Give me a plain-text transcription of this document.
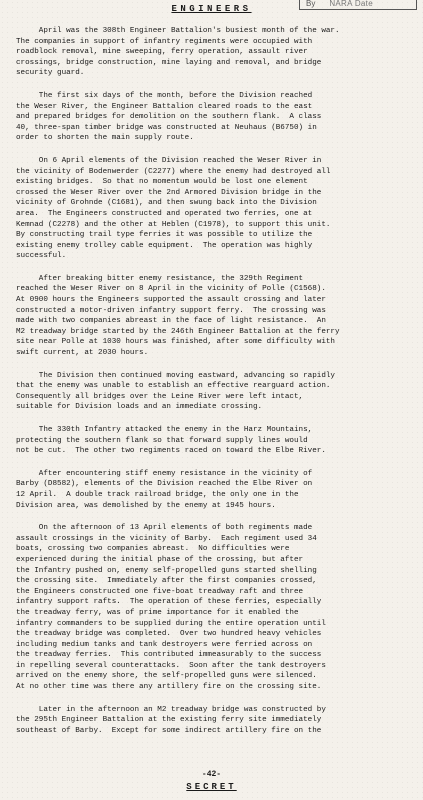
By NARA Date
ENGINEERS
April was the 308th Engineer Battalion's busiest month of the war.
The companies in support of infantry regiments were occupied with
roadblock removal, mine sweeping, ferry operation, assault river
crossings, bridge construction, mine laying and removal, and bridge
security guard.
The first six days of the month, before the Division reached
the Weser River, the Engineer Battalion cleared roads to the east
and prepared bridges for demolition on the southern flank.  A class
40, three-span timber bridge was constructed at Neuhaus (B6750) in
order to shorten the main supply route.
On 6 April elements of the Division reached the Weser River in
the vicinity of Bodenwerder (C2277) where the enemy had destroyed all
existing bridges.  So that no momentum would be lost one element
crossed the Weser River over the 2nd Armored Division bridge in the
vicinity of Grohnde (C1681), and then swung back into the Division
area.  The Engineers constructed and operated two ferries, one at
Kemnad (C2278) and the other at Heblen (C1978), to support this unit.
By constructing trail type ferries it was possible to utilize the
existing enemy trolley cable equipment.  The operation was highly
successful.
After breaking bitter enemy resistance, the 329th Regiment
reached the Weser River on 8 April in the vicinity of Polle (C1568).
At 0900 hours the Engineers supported the assault crossing and later
constructed a motor-driven infantry support ferry.  The crossing was
made with two companies abreast in the face of light resistance.  An
M2 treadway bridge started by the 246th Engineer Battalion at the ferry
site near Polle at 1030 hours was finished, after some difficulty with
swift current, at 2030 hours.
The Division then continued moving eastward, advancing so rapidly
that the enemy was unable to establish an effective rearguard action.
Consequently all bridges over the Leine River were left intact,
suitable for Division loads and an immediate crossing.
The 330th Infantry attacked the enemy in the Harz Mountains,
protecting the southern flank so that forward supply lines would
not be cut.  The other two regiments raced on toward the Elbe River.
After encountering stiff enemy resistance in the vicinity of
Barby (D8582), elements of the Division reached the Elbe River on
12 April.  A double track railroad bridge, the only one in the
Division area, was demolished by the enemy at 1945 hours.
On the afternoon of 13 April elements of both regiments made
assault crossings in the vicinity of Barby.  Each regiment used 34
boats, crossing two companies abreast.  No difficulties were
experienced during the initial phase of the crossing, but after
the Infantry pushed on, enemy self-propelled guns started shelling
the crossing site.  Immediately after the first companies crossed,
the Engineers constructed one five-boat treadway raft and three
infantry support rafts.  The operation of these ferries, especially
the treadway ferry, was of prime importance for it enabled the
infantry commanders to be supplied during the entire operation until
the treadway bridge was completed.  Over two hundred heavy vehicles
including medium tanks and tank destroyers were ferried across on
the treadway ferries.  This contributed immeasurably to the success
in repelling several counterattacks.  Soon after the tank destroyers
arrived on the enemy shore, the self-propelled guns were silenced.
At no other time was there any artillery fire on the crossing site.
Later in the afternoon an M2 treadway bridge was constructed by
the 295th Engineer Battalion at the existing ferry site immediately
southeast of Barby.  Except for some indirect artillery fire on the
-42-
SECRET
